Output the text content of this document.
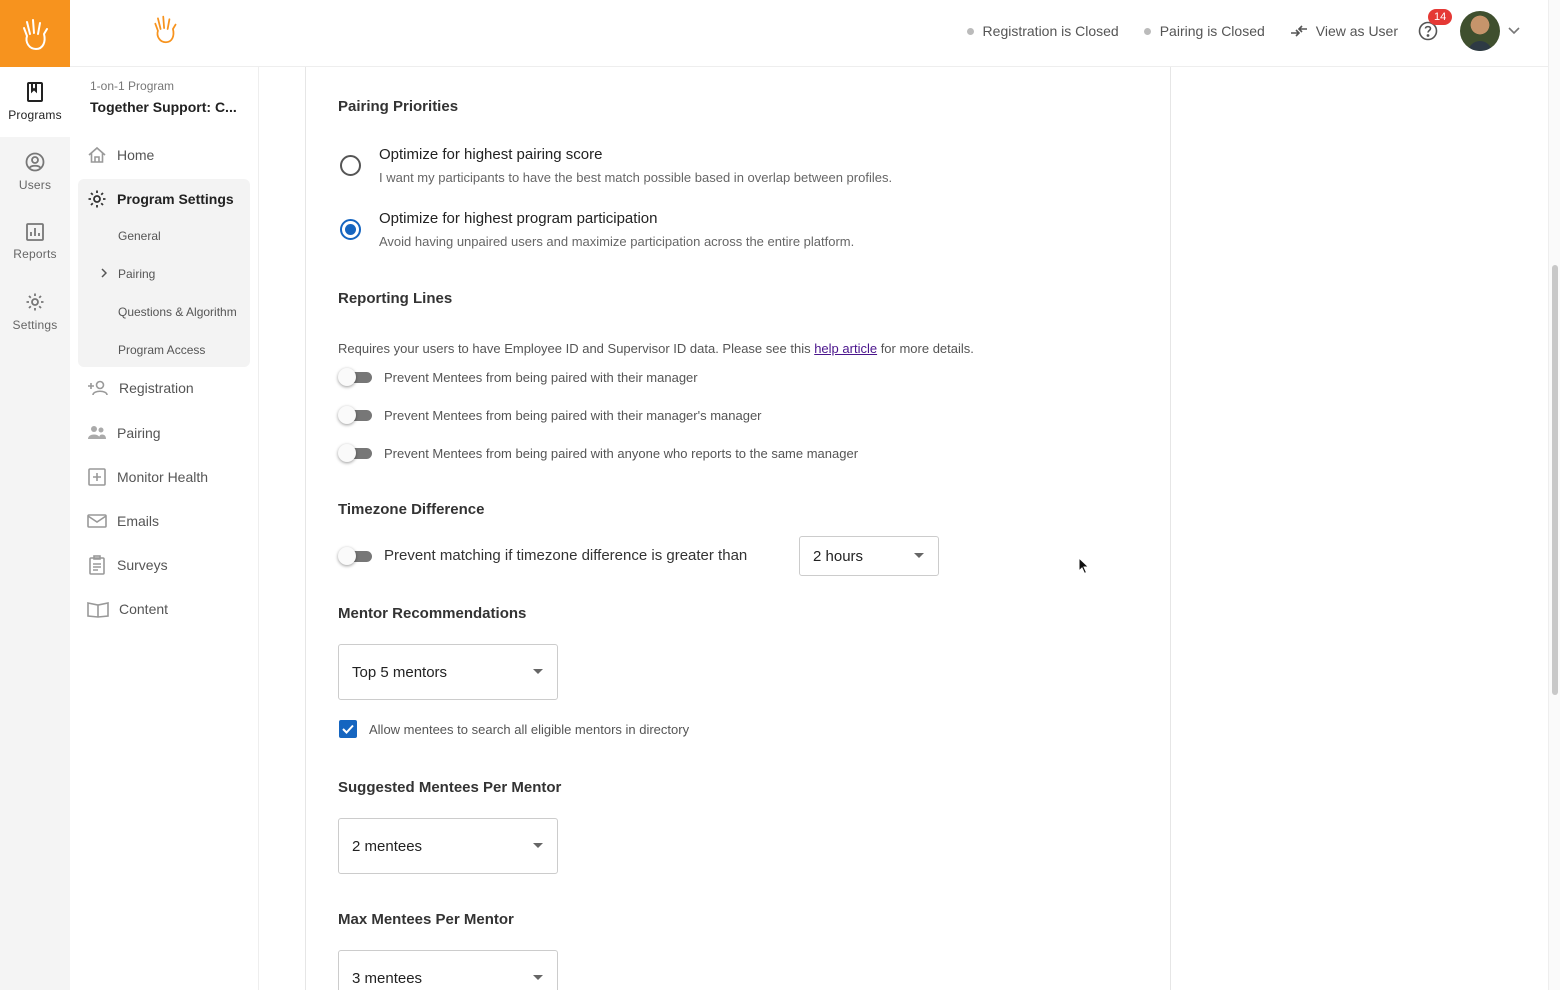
Programs
Users
Reports
Settings
Registration is Closed	Pairing is Closed	View as User
14
1-on-1 Program
Together Support: C...
Home
Program Settings
General
Pairing
Questions & Algorithm
Program Access
Registration
Pairing
Monitor Health
Emails
Surveys
Content
Pairing Priorities
Optimize for highest pairing score
I want my participants to have the best match possible based in overlap between profiles.
Optimize for highest program participation
Avoid having unpaired users and maximize participation across the entire platform.
Reporting Lines
Requires your users to have Employee ID and Supervisor ID data. Please see this help article for more details.
Prevent Mentees from being paired with their manager
Prevent Mentees from being paired with their manager's manager
Prevent Mentees from being paired with anyone who reports to the same manager
Timezone Difference
Prevent matching if timezone difference is greater than	2 hours
Mentor Recommendations
Top 5 mentors
Allow mentees to search all eligible mentors in directory
Suggested Mentees Per Mentor
2 mentees
Max Mentees Per Mentor
3 mentees
